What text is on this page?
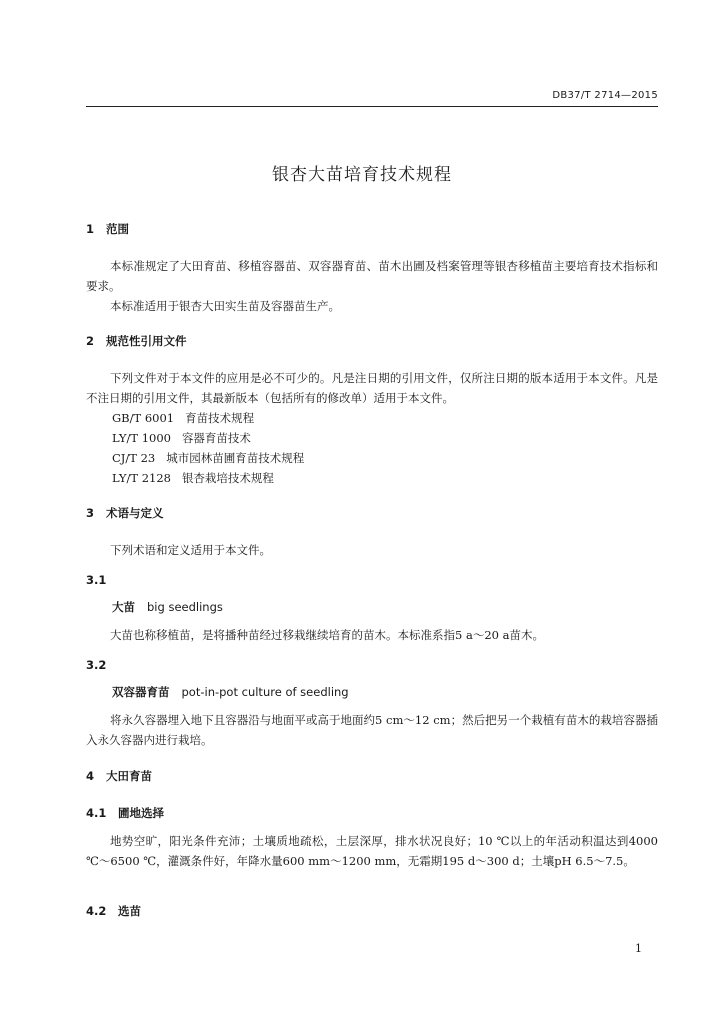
DB37/T 2714—2015
银杏大苗培育技术规程
1 范围
本标准规定了大田育苗、移植容器苗、双容器育苗、苗木出圃及档案管理等银杏移植苗主要培育技术指标和要求。
本标准适用于银杏大田实生苗及容器苗生产。
2 规范性引用文件
下列文件对于本文件的应用是必不可少的。凡是注日期的引用文件，仅所注日期的版本适用于本文件。凡是不注日期的引用文件，其最新版本（包括所有的修改单）适用于本文件。
GB/T 6001 育苗技术规程
LY/T 1000 容器育苗技术
CJ/T 23 城市园林苗圃育苗技术规程
LY/T 2128 银杏栽培技术规程
3 术语与定义
下列术语和定义适用于本文件。
3.1
大苗 big seedlings
大苗也称移植苗，是将播种苗经过移栽继续培育的苗木。本标准系指5 a～20 a苗木。
3.2
双容器育苗 pot-in-pot culture of seedling
将永久容器埋入地下且容器沿与地面平或高于地面约5 cm～12 cm；然后把另一个栽植有苗木的栽培容器插入永久容器内进行栽培。
4 大田育苗
4.1 圃地选择
地势空旷，阳光条件充沛；土壤质地疏松，土层深厚，排水状况良好；10 ℃以上的年活动积温达到4000 ℃～6500 ℃，灌溉条件好，年降水量600 mm～1200 mm，无霜期195 d～300 d；土壤pH 6.5～7.5。
4.2 选苗
1
